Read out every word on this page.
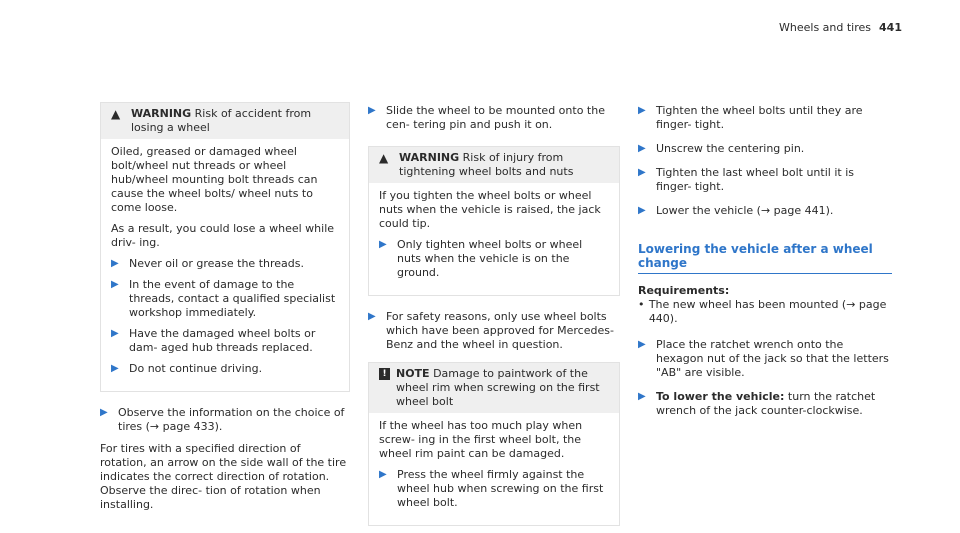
Wheels and tires 441
▲ WARNING Risk of accident from losing a wheel

Oiled, greased or damaged wheel bolt/wheel nut threads or wheel hub/wheel mounting bolt threads can cause the wheel bolts/ wheel nuts to come loose.

As a result, you could lose a wheel while driv- ing.

▶ Never oil or grease the threads.
▶ In the event of damage to the threads, contact a qualified specialist workshop immediately.
▶ Have the damaged wheel bolts or dam- aged hub threads replaced.
▶ Do not continue driving.
▶ Observe the information on the choice of tires (→ page 433).

For tires with a specified direction of rotation, an arrow on the side wall of the tire indicates the correct direction of rotation. Observe the direc- tion of rotation when installing.

▶ Slide the wheel to be mounted onto the cen- tering pin and push it on.
▲ WARNING Risk of injury from tightening wheel bolts and nuts

If you tighten the wheel bolts or wheel nuts when the vehicle is raised, the jack could tip.

▶ Only tighten wheel bolts or wheel nuts when the vehicle is on the ground.
▶ For safety reasons, only use wheel bolts which have been approved for Mercedes- Benz and the wheel in question.
! NOTE Damage to paintwork of the wheel rim when screwing on the first wheel bolt

If the wheel has too much play when screw- ing in the first wheel bolt, the wheel rim paint can be damaged.

▶ Press the wheel firmly against the wheel hub when screwing on the first wheel bolt.
▶ Tighten the wheel bolts until they are finger- tight.
▶ Unscrew the centering pin.
▶ Tighten the last wheel bolt until it is finger- tight.
▶ Lower the vehicle (→ page 441).
Lowering the vehicle after a wheel change
Requirements:
• The new wheel has been mounted (→ page 440).
▶ Place the ratchet wrench onto the hexagon nut of the jack so that the letters "AB" are visible.
▶ To lower the vehicle: turn the ratchet wrench of the jack counter-clockwise.
